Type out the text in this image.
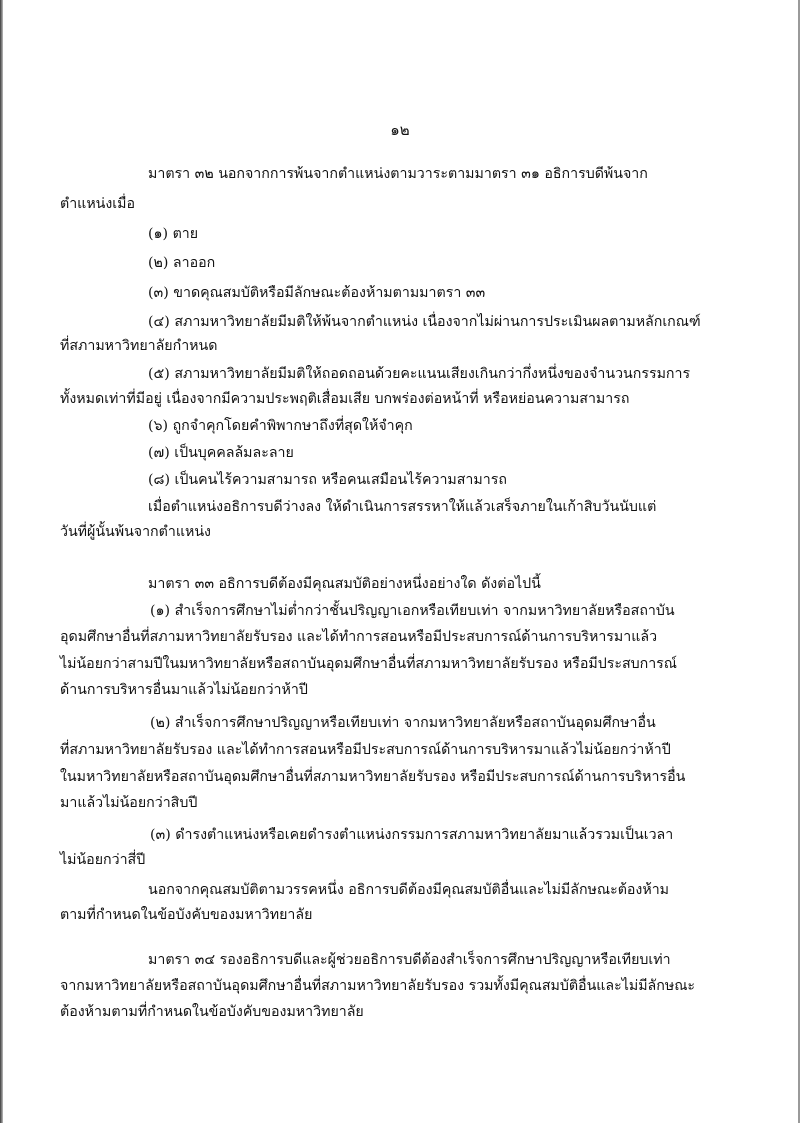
๑๒
มาตรา ๓๒ นอกจากการพ้นจากตำแหน่งตามวาระตามมาตรา ๓๑ อธิการบดีพ้นจาก
ตำแหน่งเมื่อ
(๑) ตาย
(๒) ลาออก
(๓) ขาดคุณสมบัติหรือมีลักษณะต้องห้ามตามมาตรา ๓๓
(๔) สภามหาวิทยาลัยมีมติให้พ้นจากตำแหน่ง เนื่องจากไม่ผ่านการประเมินผลตามหลักเกณฑ์
ที่สภามหาวิทยาลัยกำหนด
(๕) สภามหาวิทยาลัยมีมติให้ถอดถอนด้วยคะแนนเสียงเกินกว่ากึ่งหนึ่งของจำนวนกรรมการ
ทั้งหมดเท่าที่มีอยู่ เนื่องจากมีความประพฤติเสื่อมเสีย บกพร่องต่อหน้าที่ หรือหย่อนความสามารถ
(๖) ถูกจำคุกโดยคำพิพากษาถึงที่สุดให้จำคุก
(๗) เป็นบุคคลล้มละลาย
(๘) เป็นคนไร้ความสามารถ หรือคนเสมือนไร้ความสามารถ
เมื่อตำแหน่งอธิการบดีว่างลง ให้ดำเนินการสรรหาให้แล้วเสร็จภายในเก้าสิบวันนับแต่
วันที่ผู้นั้นพ้นจากตำแหน่ง
มาตรา ๓๓ อธิการบดีต้องมีคุณสมบัติอย่างหนึ่งอย่างใด ดังต่อไปนี้
(๑) สำเร็จการศึกษาไม่ต่ำกว่าชั้นปริญญาเอกหรือเทียบเท่า จากมหาวิทยาลัยหรือสถาบัน
อุดมศึกษาอื่นที่สภามหาวิทยาลัยรับรอง และได้ทำการสอนหรือมีประสบการณ์ด้านการบริหารมาแล้ว
ไม่น้อยกว่าสามปีในมหาวิทยาลัยหรือสถาบันอุดมศึกษาอื่นที่สภามหาวิทยาลัยรับรอง หรือมีประสบการณ์
ด้านการบริหารอื่นมาแล้วไม่น้อยกว่าห้าปี
(๒) สำเร็จการศึกษาปริญญาหรือเทียบเท่า จากมหาวิทยาลัยหรือสถาบันอุดมศึกษาอื่น
ที่สภามหาวิทยาลัยรับรอง และได้ทำการสอนหรือมีประสบการณ์ด้านการบริหารมาแล้วไม่น้อยกว่าห้าปี
ในมหาวิทยาลัยหรือสถาบันอุดมศึกษาอื่นที่สภามหาวิทยาลัยรับรอง หรือมีประสบการณ์ด้านการบริหารอื่น
มาแล้วไม่น้อยกว่าสิบปี
(๓) ดำรงตำแหน่งหรือเคยดำรงตำแหน่งกรรมการสภามหาวิทยาลัยมาแล้วรวมเป็นเวลา
ไม่น้อยกว่าสี่ปี
นอกจากคุณสมบัติตามวรรคหนึ่ง อธิการบดีต้องมีคุณสมบัติอื่นและไม่มีลักษณะต้องห้าม
ตามที่กำหนดในข้อบังคับของมหาวิทยาลัย
มาตรา ๓๔ รองอธิการบดีและผู้ช่วยอธิการบดีต้องสำเร็จการศึกษาปริญญาหรือเทียบเท่า
จากมหาวิทยาลัยหรือสถาบันอุดมศึกษาอื่นที่สภามหาวิทยาลัยรับรอง รวมทั้งมีคุณสมบัติอื่นและไม่มีลักษณะ
ต้องห้ามตามที่กำหนดในข้อบังคับของมหาวิทยาลัย
